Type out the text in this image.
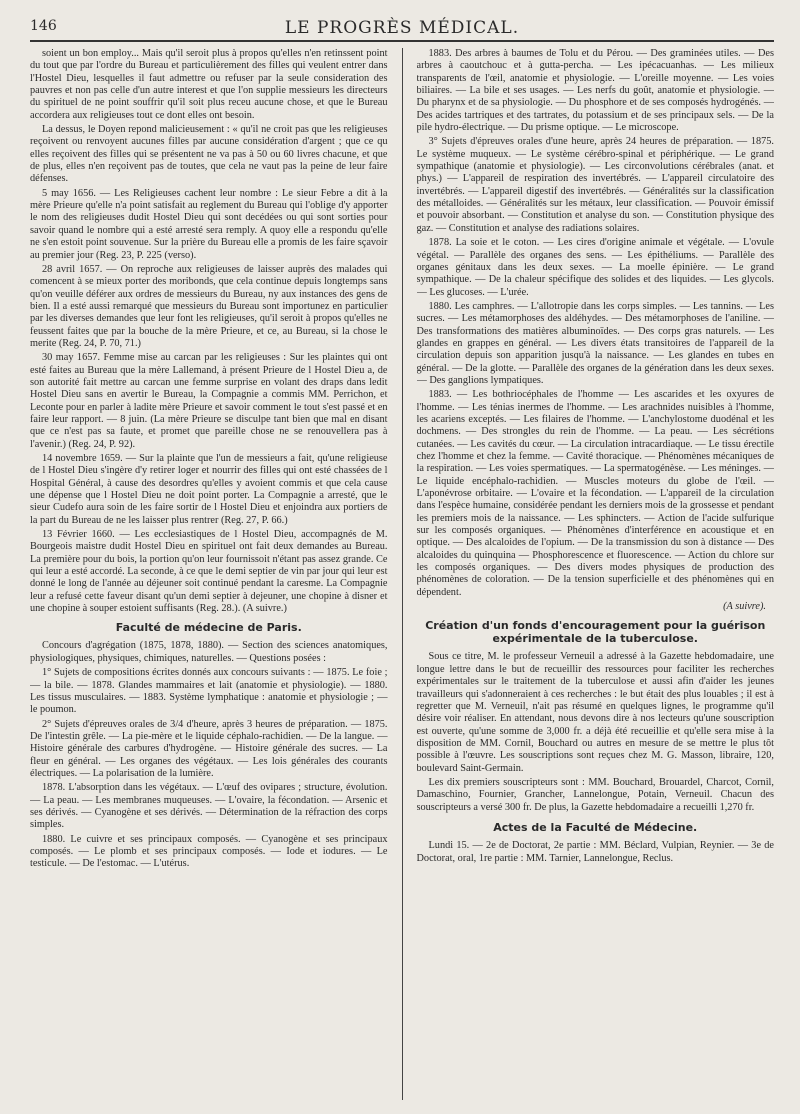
146	LE PROGRÈS MÉDICAL.

soient un bon employ... Mais qu'il seroit plus à propos qu'elles n'en retinssent point du tout que par l'ordre du Bureau et particulièrement des filles qui veulent entrer dans l'Hostel Dieu, lesquelles il faut admettre ou refuser par la seule consideration des pauvres et non pas celle d'un autre interest et que l'on supplie messieurs les directeurs du spirituel de ne point souffrir qu'il soit plus receu aucune chose, et que le Bureau accordera aux religieuses tout ce dont elles ont besoin.

La dessus, le Doyen repond malicieusement : « qu'il ne croit pas que les religieuses reçoivent ou renvoyent aucunes filles par aucune considération d'argent ; que ce qu elles reçoivent des filles qui se présentent ne va pas à 50 ou 60 livres chacune, et que de plus, elles n'en reçoivent pas de toutes, que cela ne vaut pas la peine de leur faire défenses.

5 may 1656. — Les Religieuses cachent leur nombre : Le sieur Febre a dit à la mère Prieure qu'elle n'a point satisfait au reglement du Bureau qui l'oblige d'y apporter le nom des religieuses dudit Hostel Dieu qui sont decédées ou qui sont sorties pour savoir quand le nombre qui a esté arresté sera remply. A quoy elle a respondu qu'elle ne s'en estoit point souvenue. Sur la prière du Bureau elle a promis de les faire sçavoir au premier jour (Reg. 23, P. 225 (verso).

28 avril 1657. — On reproche aux religieuses de laisser auprès des malades qui comencent à se mieux porter des moribonds, que cela continue depuis longtemps sans qu'on veuille déférer aux ordres de messieurs du Bureau, ny aux instances des gens de bien. Il a esté aussi remarqué que messieurs du Bureau sont importunez en particulier par les diverses demandes que leur font les religieuses, qu'il seroit à propos qu'elles ne feussent faites que par la bouche de la mère Prieure, et ce, au Bureau, si la chose le merite (Reg. 24, P. 70, 71.)

30 may 1657. Femme mise au carcan par les religieuses : Sur les plaintes qui ont esté faites au Bureau que la mère Lallemand, à présent Prieure de l Hostel Dieu a, de son autorité fait mettre au carcan une femme surprise en volant des draps dans ledit Hostel Dieu sans en avertir le Bureau, la Compagnie a commis MM. Perrichon, et Leconte pour en parler à ladite mère Prieure et savoir comment le tout s'est passé et en faire leur rapport. — 8 juin. (La mère Prieure se disculpe tant bien que mal en disant que ce n'est pas sa faute, et promet que pareille chose ne se renouvellera pas à l'avenir.) (Reg. 24, P. 92).

14 novembre 1659. — Sur la plainte que l'un de messieurs a fait, qu'une religieuse de l Hostel Dieu s'ingère d'y retirer loger et nourrir des filles qui ont esté chassées de l Hospital Général, à cause des desordres qu'elles y avoient commis et que cela cause une dépense que l Hostel Dieu ne doit point porter. La Compagnie a arresté, que le sieur Cudefo aura soin de les faire sortir de l Hostel Dieu et enjoindra aux portiers de la part du Bureau de ne les laisser plus rentrer (Reg. 27, P. 66.)

13 Février 1660. — Les ecclesiastiques de l Hostel Dieu, accompagnés de M. Bourgeois maistre dudit Hostel Dieu en spirituel ont fait deux demandes au Bureau. La première pour du bois, la portion qu'on leur fournissoit n'étant pas assez grande. Ce qui leur a esté accordé. La seconde, à ce que le demi septier de vin par jour qui leur est donné le long de l'année au déjeuner soit continué pendant la caresme. La Compagnie leur a refusé cette faveur disant qu'un demi septier à dejeuner, une chopine à disner et une chopine à souper estoient suffisants (Reg. 28.). (A suivre.)

Faculté de médecine de Paris.

Concours d'agrégation (1875, 1878, 1880). — Section des sciences anatomiques, physiologiques, physiques, chimiques, naturelles. — Questions posées :

1° Sujets de compositions écrites donnés aux concours suivants : — 1875. Le foie ; — la bile. — 1878. Glandes mammaires et lait (anatomie et physiologie). — 1880. Les tissus musculaires. — 1883. Système lymphatique : anatomie et physiologie ; — le poumon.

2° Sujets d'épreuves orales de 3/4 d'heure, après 3 heures de préparation. — 1875. De l'intestin grêle. — La pie-mère et le liquide céphalo-rachidien. — De la langue. — Histoire générale des carbures d'hydrogène. — Histoire générale des sucres. — La fleur en général. — Les organes des végétaux. — Les lois générales des courants électriques. — La polarisation de la lumière.

1878. L'absorption dans les végétaux. — L'œuf des ovipares ; structure, évolution. — La peau. — Les membranes muqueuses. — L'ovaire, la fécondation. — Arsenic et ses dérivés. — Cyanogène et ses dérivés. — Détermination de la réfraction des corps simples.

1880. Le cuivre et ses principaux composés. — Cyanogène et ses principaux composés. — Le plomb et ses principaux composés. — Iode et iodures. — Le testicule. — De l'estomac. — L'utérus.

1883. Des arbres à baumes de Tolu et du Pérou. — Des graminées utiles. — Des arbres à caoutchouc et à gutta-percha. — Les ipécacuanhas. — Les milieux transparents de l'œil, anatomie et physiologie. — L'oreille moyenne. — Les voies biliaires. — La bile et ses usages. — Les nerfs du goût, anatomie et physiologie. — Du pharynx et de sa physiologie. — Du phosphore et de ses composés hydrogénés. — Des acides tartriques et des tartrates, du potassium et de ses principaux sels. — De la pile hydro-électrique. — Du prisme optique. — Le microscope.

3° Sujets d'épreuves orales d'une heure, après 24 heures de préparation. — 1875. Le système muqueux. — Le système cérébro-spinal et périphérique. — Le grand sympathique (anatomie et physiologie). — Les circonvolutions cérébrales (anat. et phys.) — L'appareil de respiration des invertébrés. — L'appareil circulatoire des invertébrés. — L'appareil digestif des invertébrés. — Généralités sur la classification des métalloides. — Généralités sur les métaux, leur classification. — Pouvoir émissif et pouvoir absorbant. — Constitution et analyse du son. — Constitution physique des gaz. — Constitution et analyse des radiations solaires.

1878. La soie et le coton. — Les cires d'origine animale et végétale. — L'ovule végétal. — Parallèle des organes des sens. — Les épithéliums. — Parallèle des organes génitaux dans les deux sexes. — La moelle épinière. — Le grand sympathique. — De la chaleur spécifique des solides et des liquides. — Les glycols. — Les glucoses. — L'urée.

1880. Les camphres. — L'allotropie dans les corps simples. — Les tannins. — Les sucres. — Les métamorphoses des aldéhydes. — Des métamorphoses de l'aniline. — Des transformations des matières albuminoïdes. — Des corps gras naturels. — Les glandes en grappes en général. — Les divers états transitoires de l'appareil de la circulation depuis son apparition jusqu'à la naissance. — Les glandes en tubes en général. — De la glotte. — Parallèle des organes de la génération dans les deux sexes. — Des ganglions lympatiques.

1883. — Les bothriocéphales de l'homme — Les ascarides et les oxyures de l'homme. — Les ténias inermes de l'homme. — Les arachnides nuisibles à l'homme, les acariens exceptés. — Les filaires de l'homme. — L'anchylostome duodénal et les dochmens. — Des strongles du rein de l'homme. — La peau. — Les sécrétions cutanées. — Les cavités du cœur. — La circulation intracardiaque. — Le tissu érectile chez l'homme et chez la femme. — Cavité thoracique. — Phénomènes mécaniques de la respiration. — Les voies spermatiques. — La spermatogénèse. — Les méninges. — Le liquide encéphalo-rachidien. — Muscles moteurs du globe de l'œil. — L'aponévrose orbitaire. — L'ovaire et la fécondation. — L'appareil de la circulation dans l'espèce humaine, considérée pendant les derniers mois de la grossesse et pendant les premiers mois de la naissance. — Les sphincters. — Action de l'acide sulfurique sur les composés organiques. — Phénomènes d'interférence en acoustique et en optique. — Des alcaloides de l'opium. — De la transmission du son à distance — Des alcaloides du quinquina — Phosphorescence et fluorescence. — Action du chlore sur les composés organiques. — Des divers modes physiques de production des phénomènes de coloration. — De la tension superficielle et des phénomènes qui en dépendent.

(A suivre).
Création d'un fonds d'encouragement pour la guérison expérimentale de la tuberculose.

Sous ce titre, M. le professeur Verneuil a adressé à la Gazette hebdomadaire, une longue lettre dans le but de recueillir des ressources pour faciliter les recherches expérimentales sur le traitement de la tuberculose et aussi afin d'aider les jeunes travailleurs qui s'adonneraient à ces recherches : le but était des plus louables ; il est à regretter que M. Verneuil, n'ait pas résumé en quelques lignes, le programme qu'il désire voir réaliser. En attendant, nous devons dire à nos lecteurs qu'une souscription est ouverte, qu'une somme de 3,000 fr. a déjà été recueillie et qu'elle sera mise à la disposition de MM. Cornil, Bouchard ou autres en mesure de se mettre le plus tôt possible à l'œuvre. Les souscriptions sont reçues chez M. G. Masson, libraire, 120, boulevard Saint-Germain.

Les dix premiers souscripteurs sont : MM. Bouchard, Brouardel, Charcot, Cornil, Damaschino, Fournier, Grancher, Lannelongue, Potain, Verneuil. Chacun des souscripteurs a versé 300 fr. De plus, la Gazette hebdomadaire a recueilli 1,270 fr.

Actes de la Faculté de Médecine.

Lundi 15. — 2e de Doctorat, 2e partie : MM. Béclard, Vulpian, Reynier. — 3e de Doctorat, oral, 1re partie : MM. Tarnier, Lannelongue, Reclus.
